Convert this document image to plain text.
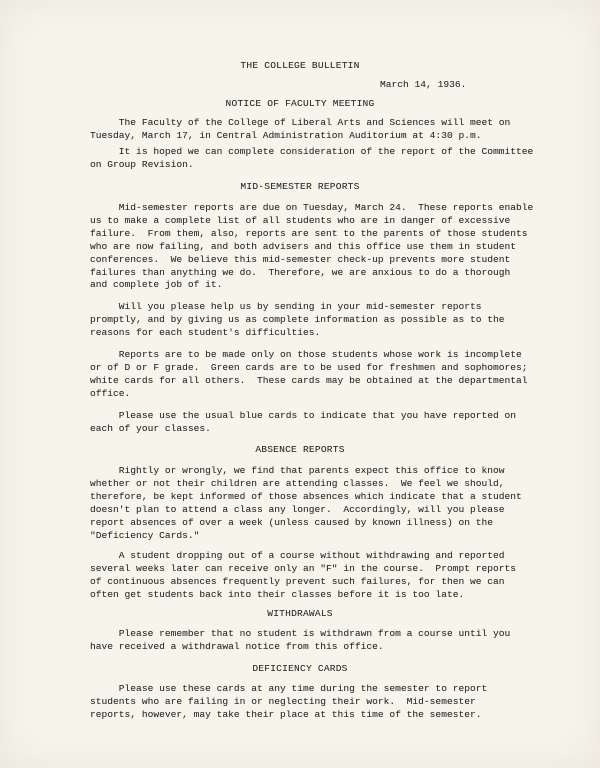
THE COLLEGE BULLETIN
March 14, 1936.
NOTICE OF FACULTY MEETING

The Faculty of the College of Liberal Arts and Sciences will meet on

Tuesday, March 17, in Central Administration Auditorium at 4:30 p.m.

It is hoped we can complete consideration of the report of the Committee

on Group Revision.

MID-SEMESTER REPORTS

Mid-semester reports are due on Tuesday, March 24.  These reports enable

us to make a complete list of all students who are in danger of excessive

failure.  From them, also, reports are sent to the parents of those students

who are now failing, and both advisers and this office use them in student

conferences.  We believe this mid-semester check-up prevents more student

failures than anything we do.  Therefore, we are anxious to do a thorough

and complete job of it.

Will you please help us by sending in your mid-semester reports

promptly, and by giving us as complete information as possible as to the

reasons for each student's difficulties.

Reports are to be made only on those students whose work is incomplete

or of D or F grade.  Green cards are to be used for freshmen and sophomores;

white cards for all others.  These cards may be obtained at the departmental

office.

Please use the usual blue cards to indicate that you have reported on

each of your classes.

ABSENCE REPORTS

Rightly or wrongly, we find that parents expect this office to know

whether or not their children are attending classes.  We feel we should,

therefore, be kept informed of those absences which indicate that a student

doesn't plan to attend a class any longer.  Accordingly, will you please

report absences of over a week (unless caused by known illness) on the

"Deficiency Cards."

A student dropping out of a course without withdrawing and reported

several weeks later can receive only an "F" in the course.  Prompt reports

of continuous absences frequently prevent such failures, for then we can

often get students back into their classes before it is too late.

WITHDRAWALS

Please remember that no student is withdrawn from a course until you

have received a withdrawal notice from this office.

DEFICIENCY CARDS

Please use these cards at any time during the semester to report

students who are failing in or neglecting their work.  Mid-semester

reports, however, may take their place at this time of the semester.
